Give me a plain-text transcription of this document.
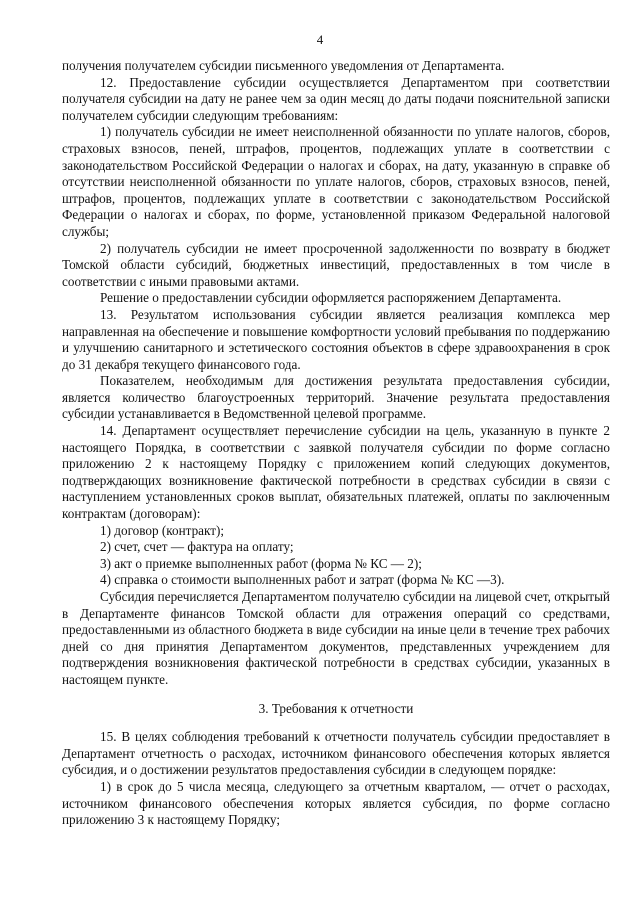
4

получения получателем субсидии письменного уведомления от Департамента.

12. Предоставление субсидии осуществляется Департаментом при соответствии получателя субсидии на дату не ранее чем за один месяц до даты подачи пояснительной записки получателем субсидии следующим требованиям:

1) получатель субсидии не имеет неисполненной обязанности по уплате налогов, сборов, страховых взносов, пеней, штрафов, процентов, подлежащих уплате в соответствии с законодательством Российской Федерации о налогах и сборах, на дату, указанную в справке об отсутствии неисполненной обязанности по уплате налогов, сборов, страховых взносов, пеней, штрафов, процентов, подлежащих уплате в соответствии с законодательством Российской Федерации о налогах и сборах, по форме, установленной приказом Федеральной налоговой службы;

2) получатель субсидии не имеет просроченной задолженности по возврату в бюджет Томской области субсидий, бюджетных инвестиций, предоставленных в том числе в соответствии с иными правовыми актами.

Решение о предоставлении субсидии оформляется распоряжением Департамента.

13. Результатом использования субсидии является реализация комплекса мер направленная на обеспечение и повышение комфортности условий пребывания по поддержанию и улучшению санитарного и эстетического состояния объектов в сфере здравоохранения в срок до 31 декабря текущего финансового года.

Показателем, необходимым для достижения результата предоставления субсидии, является количество благоустроенных территорий. Значение результата предоставления субсидии устанавливается в Ведомственной целевой программе.

14. Департамент осуществляет перечисление субсидии на цель, указанную в пункте 2 настоящего Порядка, в соответствии с заявкой получателя субсидии по форме согласно приложению 2 к настоящему Порядку с приложением копий следующих документов, подтверждающих возникновение фактической потребности в средствах субсидии в связи с наступлением установленных сроков выплат, обязательных платежей, оплаты по заключенным контрактам (договорам):

1) договор (контракт);

2) счет, счет — фактура на оплату;

3) акт о приемке выполненных работ (форма № КС — 2);

4) справка о стоимости выполненных работ и затрат (форма № КС —3).

Субсидия перечисляется Департаментом получателю субсидии на лицевой счет, открытый в Департаменте финансов Томской области для отражения операций со средствами, предоставленными из областного бюджета в виде субсидии на иные цели в течение трех рабочих дней со дня принятия Департаментом документов, представленных учреждением для подтверждения возникновения фактической потребности в средствах субсидии, указанных в настоящем пункте.

3. Требования к отчетности

15. В целях соблюдения требований к отчетности получатель субсидии предоставляет в Департамент отчетность о расходах, источником финансового обеспечения которых является субсидия, и о достижении результатов предоставления субсидии в следующем порядке:

1) в срок до 5 числа месяца, следующего за отчетным кварталом, — отчет о расходах, источником финансового обеспечения которых является субсидия, по форме согласно приложению 3 к настоящему Порядку;
